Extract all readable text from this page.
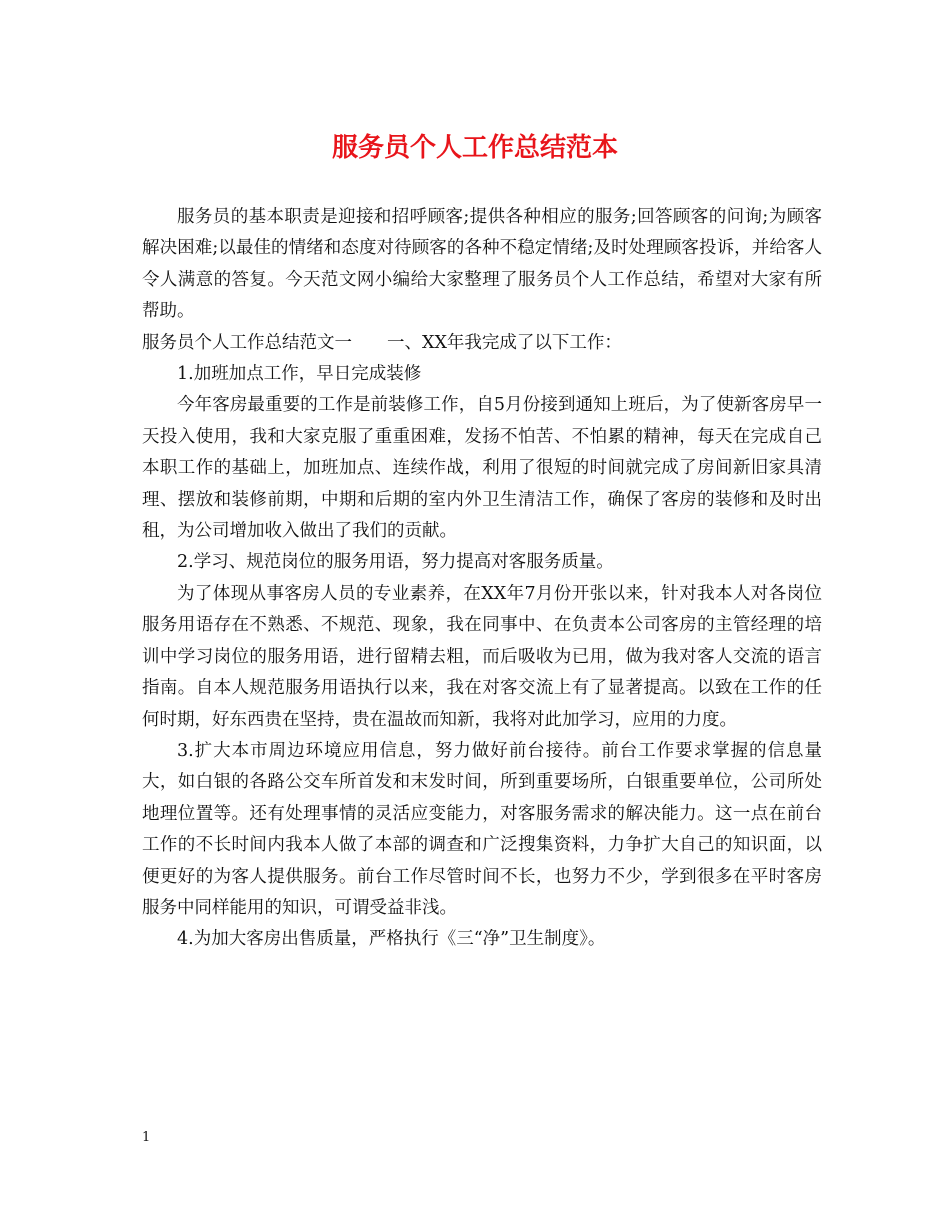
服务员个人工作总结范本

服务员的基本职责是迎接和招呼顾客;提供各种相应的服务;回答顾客的问询;为顾客解决困难;以最佳的情绪和态度对待顾客的各种不稳定情绪;及时处理顾客投诉，并给客人令人满意的答复。今天范文网小编给大家整理了服务员个人工作总结，希望对大家有所帮助。

服务员个人工作总结范文一　　一、XX年我完成了以下工作：

1.加班加点工作，早日完成装修

今年客房最重要的工作是前装修工作，自5月份接到通知上班后，为了使新客房早一天投入使用，我和大家克服了重重困难，发扬不怕苦、不怕累的精神，每天在完成自己本职工作的基础上，加班加点、连续作战，利用了很短的时间就完成了房间新旧家具清理、摆放和装修前期，中期和后期的室内外卫生清洁工作，确保了客房的装修和及时出租，为公司增加收入做出了我们的贡献。

2.学习、规范岗位的服务用语，努力提高对客服务质量。

为了体现从事客房人员的专业素养，在XX年7月份开张以来，针对我本人对各岗位服务用语存在不熟悉、不规范、现象，我在同事中、在负责本公司客房的主管经理的培训中学习岗位的服务用语，进行留精去粗，而后吸收为已用，做为我对客人交流的语言指南。自本人规范服务用语执行以来，我在对客交流上有了显著提高。以致在工作的任何时期，好东西贵在坚持，贵在温故而知新，我将对此加学习，应用的力度。

3.扩大本市周边环境应用信息，努力做好前台接待。前台工作要求掌握的信息量大，如白银的各路公交车所首发和末发时间，所到重要场所，白银重要单位，公司所处地理位置等。还有处理事情的灵活应变能力，对客服务需求的解决能力。这一点在前台工作的不长时间内我本人做了本部的调查和广泛搜集资料，力争扩大自己的知识面，以便更好的为客人提供服务。前台工作尽管时间不长，也努力不少，学到很多在平时客房服务中同样能用的知识，可谓受益非浅。

4.为加大客房出售质量，严格执行《三“净”卫生制度》。

1
